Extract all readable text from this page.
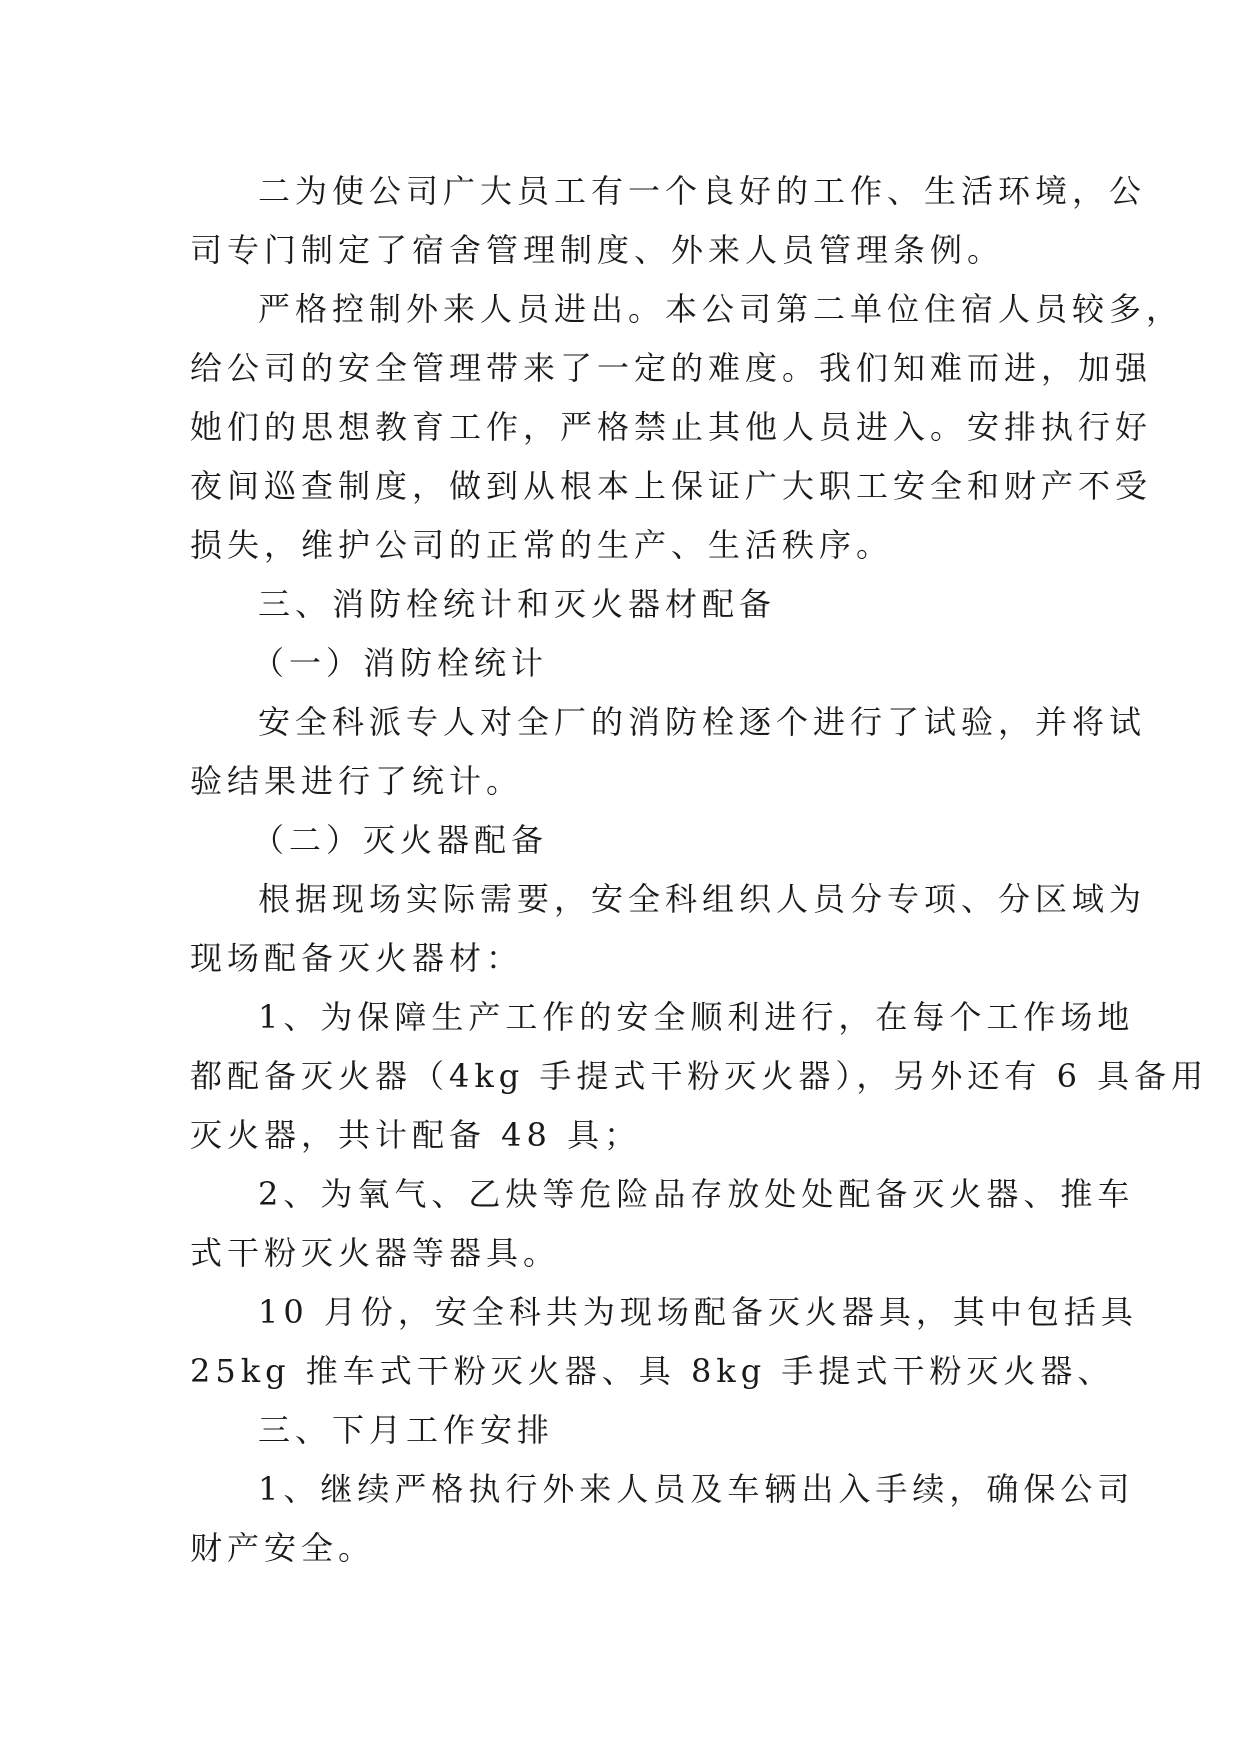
二为使公司广大员工有一个良好的工作、生活环境，公
司专门制定了宿舍管理制度、外来人员管理条例。
严格控制外来人员进出。本公司第二单位住宿人员较多，
给公司的安全管理带来了一定的难度。我们知难而进，加强
她们的思想教育工作，严格禁止其他人员进入。安排执行好
夜间巡查制度，做到从根本上保证广大职工安全和财产不受
损失，维护公司的正常的生产、生活秩序。
三、消防栓统计和灭火器材配备
（一）消防栓统计
安全科派专人对全厂的消防栓逐个进行了试验，并将试
验结果进行了统计。
（二）灭火器配备
根据现场实际需要，安全科组织人员分专项、分区域为
现场配备灭火器材：
1、为保障生产工作的安全顺利进行，在每个工作场地
都配备灭火器（4kg 手提式干粉灭火器），另外还有 6 具备用
灭火器，共计配备 48 具；
2、为氧气、乙炔等危险品存放处处配备灭火器、推车
式干粉灭火器等器具。
10 月份，安全科共为现场配备灭火器具，其中包括具
25kg 推车式干粉灭火器、具 8kg 手提式干粉灭火器、
三、下月工作安排
1、继续严格执行外来人员及车辆出入手续，确保公司
财产安全。
